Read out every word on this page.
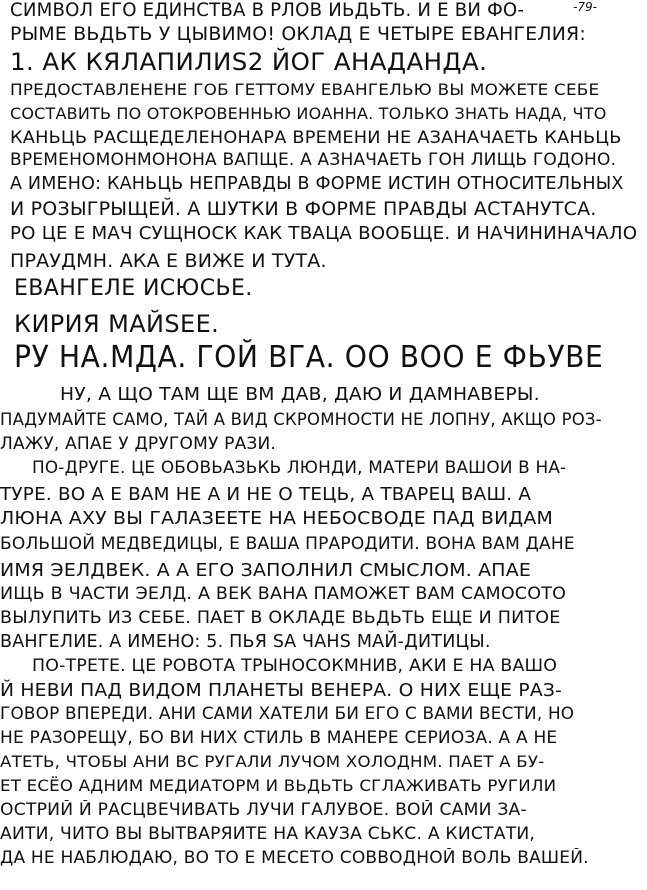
-79-
СИМВОЛ ЕГО ЕДИНСТВА В РЛОВ ИЬДЬТЬ. И Е ВИ ФО-
РЫМЕ ВЬДЬТЬ У ЦЫВИМО! ОКЛАД Е ЧЕТЫРЕ ЕВАНГЕЛИЯ:
1. АК КЯЛАПИЛИS2 ЙОГ АНАДАНДА.
ПРЕДОСТАВЛЕНЕНЕ ГОБ ГЕТТОМУ ЕВАНГЕЛЬЮ ВЫ МОЖЕТЕ СЕБЕ
СОСТАВИТЬ ПО ОТОКРОВЕННЬЮ ИОАННА. ТОЛЬКО ЗНАТЬ НАДА, ЧТО
КАНЬЦЬ РАСЩЕДЕЛЕНОНАРА ВРЕМЕНИ НЕ АЗАНАЧАЕТЬ КАНЬЦЬ
ВРЕМЕНОМОНМОНОНА ВАПЩЕ. А АЗНАЧАЕТЬ ГОН ЛИЩЬ ГОДОНО.
А ИМЕНО: КАНЬЦЬ НЕПРАВДЫ В ФОРМЕ ИСТИН ОТНОСИТЕЛЬНЫХ
И РОЗЫГРЫЩЕЙ. А ШУТКИ В ФОРМЕ ПРАВДЫ АСТАНУТСА.
РО ЦЕ Е МАЧ СУЩНОСК КАК ТВАЦА ВООБЩЕ. И НАЧИНИНАЧАЛО
ПРАУДМН. АКА Е ВИЖЕ И ТУТА.
ЕВАНГЕЛЕ ИСЮСЬЕ.
КИРИЯ МАЙSЕЕ.
РУ НА.МДА. ГОЙ ВГА. ОО ВОО Е ФЬУВЕ
НУ, А ЩО ТАМ ЩЕ ВМ ДАВ, ДАЮ И ДАМНАВЕРЫ.
ПАДУМАЙТЕ САМО, ТАЙ А ВИД СКРОМНОСТИ НЕ ЛОПНУ, АКЩО РОЗ-
ЛАЖУ, АПАЕ У ДРУГОМУ РАЗИ.
ПО-ДРУГЕ. ЦЕ ОБОВЬАЗЬКЬ ЛЮНДИ, МАТЕРИ ВАШОИ В НА-
ТУРЕ. ВО А Е ВАМ НЕ А И НЕ О ТЕЦЬ, А ТВАРЕЦ ВАШ. А
ЛЮНА АХУ ВЫ ГАЛАЗЕЕТЕ НА НЕБОСВОДЕ ПАД ВИДАМ
БОЛЬШОЙ МЕДВЕДИЦЫ, Е ВАША ПРАРОДИТИ. ВОНА ВАМ ДАНЕ
ИМЯ ЭЕЛДВЕК. А А ЕГО ЗАПОЛНИЛ СМЫСЛОМ. АПАЕ
ИЩЬ В ЧАСТИ ЭЕЛД. А ВЕК ВАНА ПАМОЖЕТ ВАМ САМОСОТО
ВЫЛУПИТЬ ИЗ СЕБЕ. ПАЕТ В ОКЛАДЕ ВЬДЬТЬ ЕЩЕ И ПИТОЕ
ВАНГЕЛИЕ. А ИМЕНО: 5. ПЬЯ SА ЧАНS МАЙ-ДИТИЦЫ.
ПО-ТРЕТЕ. ЦЕ РОВОТА ТРЫНОСОКМНИВ, АКИ Е НА ВАШО
Й НЕВИ ПАД ВИДОМ ПЛАНЕТЫ ВЕНЕРА. О НИХ ЕЩЕ РАЗ-
ГОВОР ВПЕРЕДИ. АНИ САМИ ХАТЕЛИ БИ ЕГО С ВАМИ ВЕСТИ, НО
НЕ РАЗОРЕЩУ, БО ВИ НИХ СТИЛЬ В МАНЕРЕ СЕРИОЗА. А А НЕ
АТЕТЬ, ЧТОБЫ АНИ ВС РУГАЛИ ЛУЧОМ ХОЛОДНМ. ПАЕТ А БУ-
ЕТ ЕСЁО АДНИМ МЕДИАТОРМ И ВЬДЬТЬ СГЛАЖИВАТЬ РУГИЛИ
ОСТРИЙ Й РАСЦВЕЧИВАТЬ ЛУЧИ ГАЛУВОЕ. ВОЙ САМИ ЗА-
АИТИ, ЧИТО ВЫ ВЫТВАРЯИТЕ НА КАУЗА СЬКС. А КИСТАТИ,
ДА НЕ НАБЛЮДАЮ, ВО ТО Е МЕСЕТО СОВВОДНОЙ ВОЛЬ ВАШЕЙ.
